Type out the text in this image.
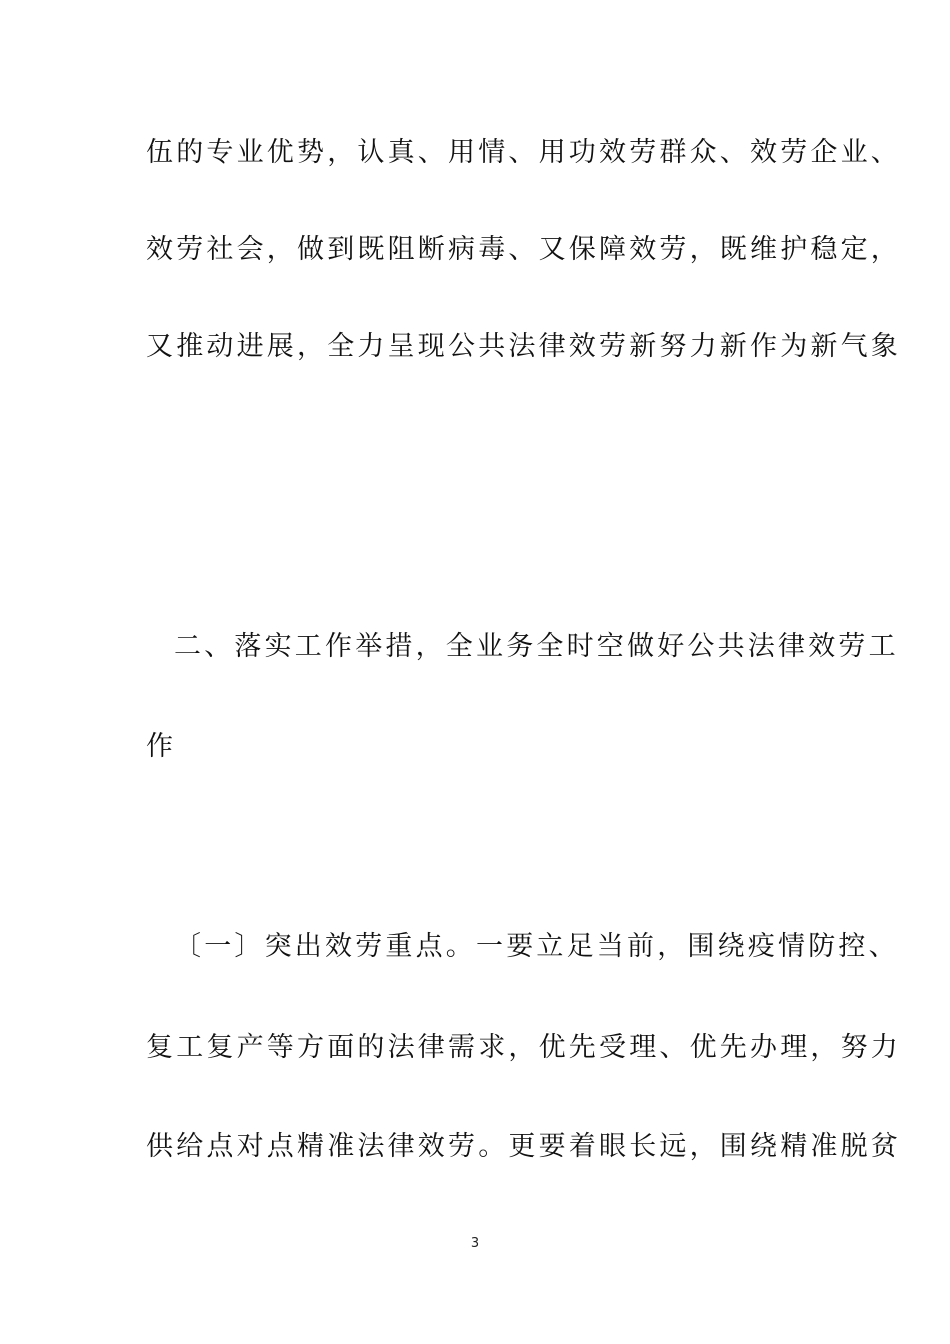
伍的专业优势，认真、用情、用功效劳群众、效劳企业、
效劳社会，做到既阻断病毒、又保障效劳，既维护稳定，
又推动进展，全力呈现公共法律效劳新努力新作为新气象
二、落实工作举措，全业务全时空做好公共法律效劳工
作
〔一〕突出效劳重点。一要立足当前，围绕疫情防控、
复工复产等方面的法律需求，优先受理、优先办理，努力
供给点对点精准法律效劳。更要着眼长远，围绕精准脱贫
3
